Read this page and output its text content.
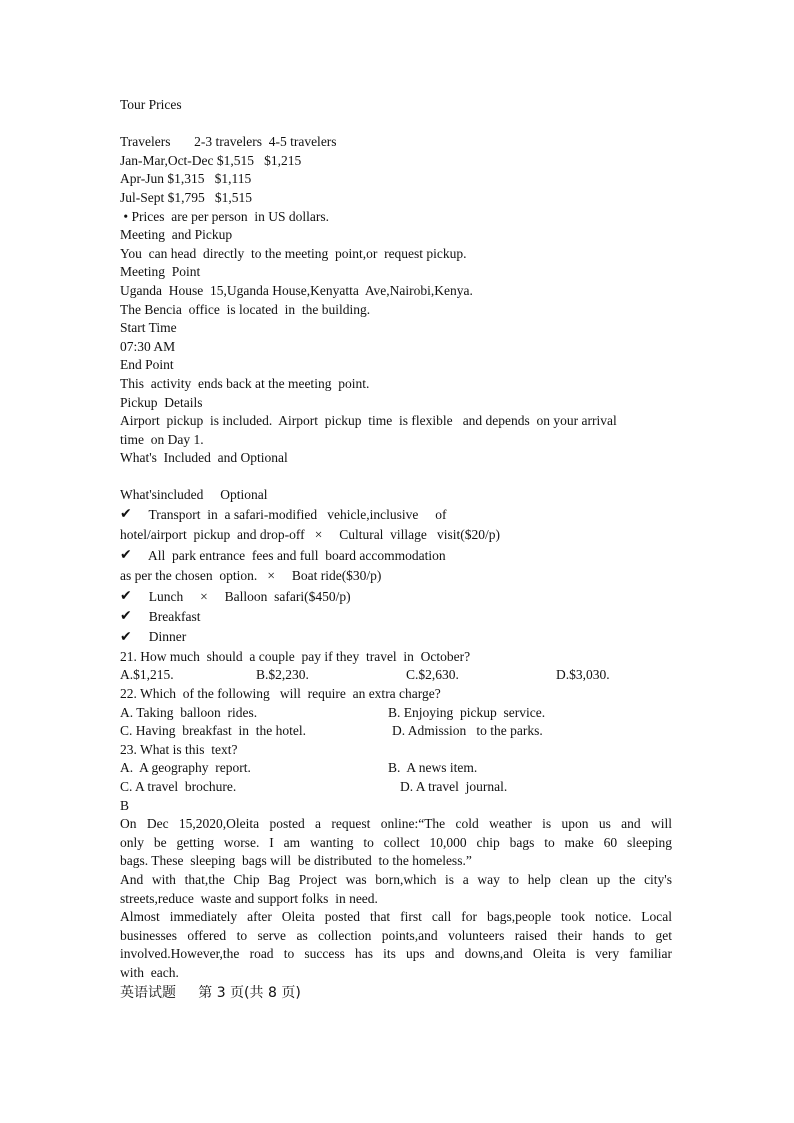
Tour Prices
Travelers       2-3 travelers  4-5 travelers
Jan-Mar,Oct-Dec $1,515   $1,215
Apr-Jun $1,315   $1,115
Jul-Sept $1,795   $1,515
• Prices  are per person  in US dollars.
Meeting  and Pickup
You  can head  directly  to the meeting  point,or  request pickup.
Meeting  Point
Uganda  House  15,Uganda House,Kenyatta  Ave,Nairobi,Kenya.
The Bencia  office  is located  in  the building.
Start Time
07:30 AM
End Point
This  activity  ends back at the meeting  point.
Pickup  Details
Airport  pickup  is included.  Airport  pickup  time  is flexible   and depends  on your arrival
time  on Day 1.
What's  Included  and Optional
What'sincluded     Optional
✔ Transport  in  a safari-modified   vehicle,inclusive     of
hotel/airport  pickup  and drop-off   ×     Cultural  village   visit($20/p)
✔ All  park entrance  fees and full  board accommodation
as per the chosen  option.   ×     Boat ride($30/p)
✔ Lunch     ×     Balloon  safari($450/p)
✔ Breakfast
✔ Dinner
21. How much  should  a couple  pay if they  travel  in  October?
A.$1,215.	B.$2,230.	C.$2,630.	D.$3,030.
22. Which  of the following   will  require  an extra charge?
A. Taking  balloon  rides.	B. Enjoying  pickup  service.
C. Having  breakfast  in  the hotel.	D. Admission   to the parks.
23. What is this  text?
A.  A geography  report.	B.  A news item.
C. A travel  brochure.	D. A travel  journal.
B
On Dec 15,2020,Oleita posted a request online:“The cold weather is upon us and will
only be getting worse. I am wanting to collect 10,000 chip bags to make 60 sleeping
bags. These  sleeping  bags will  be distributed  to the homeless.”
And with that,the Chip Bag Project was born,which is a way to help clean up the city's
streets,reduce  waste and support folks  in need.
Almost immediately after Oleita posted that first call for bags,people took notice. Local
businesses offered to serve as collection points,and volunteers raised their hands to get
involved.However,the road to success has its ups and downs,and Oleita is very familiar
with  each.
英语试题     第 3 页(共 8 页)
